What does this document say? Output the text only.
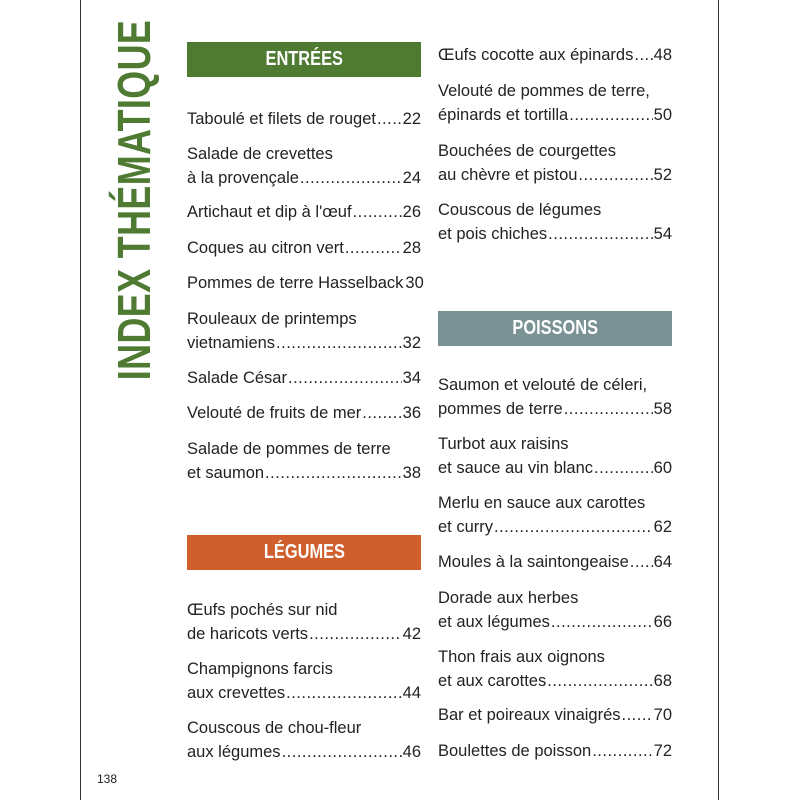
INDEX THÉMATIQUE	ENTRÉES
Taboulé et filets de rouget ..... 22
Salade de crevettes
à la provençale .....	24
Artichaut et dip à l'œuf .....	26
Coques au citron vert .....	28
Pommes de terre Hasselback 30
Rouleaux de printemps
vietnamiens .....	32
Salade César .....	34
Velouté de fruits de mer .....	36
Salade de pommes de terre
et saumon .....	38
LÉGUMES
Œufs pochés sur nid
de haricots verts .....	42
Champignons farcis
aux crevettes .....	44
Couscous de chou-fleur
aux légumes .....	46
Œufs cocotte aux épinards ..... 48
Velouté de pommes de terre,
épinards et tortilla .....	50
Bouchées de courgettes
au chèvre et pistou .....	52
Couscous de légumes
et pois chiches .....	54
POISSONS
Saumon et velouté de céleri,
pommes de terre .....	58
Turbot aux raisins
et sauce au vin blanc .....	60
Merlu en sauce aux carottes
et curry .....	62
Moules à la saintongeaise ..... 64
Dorade aux herbes
et aux légumes .....	66
Thon frais aux oignons
et aux carottes .....	68
Bar et poireaux vinaigrés ..... 70
Boulettes de poisson .....	72
138
